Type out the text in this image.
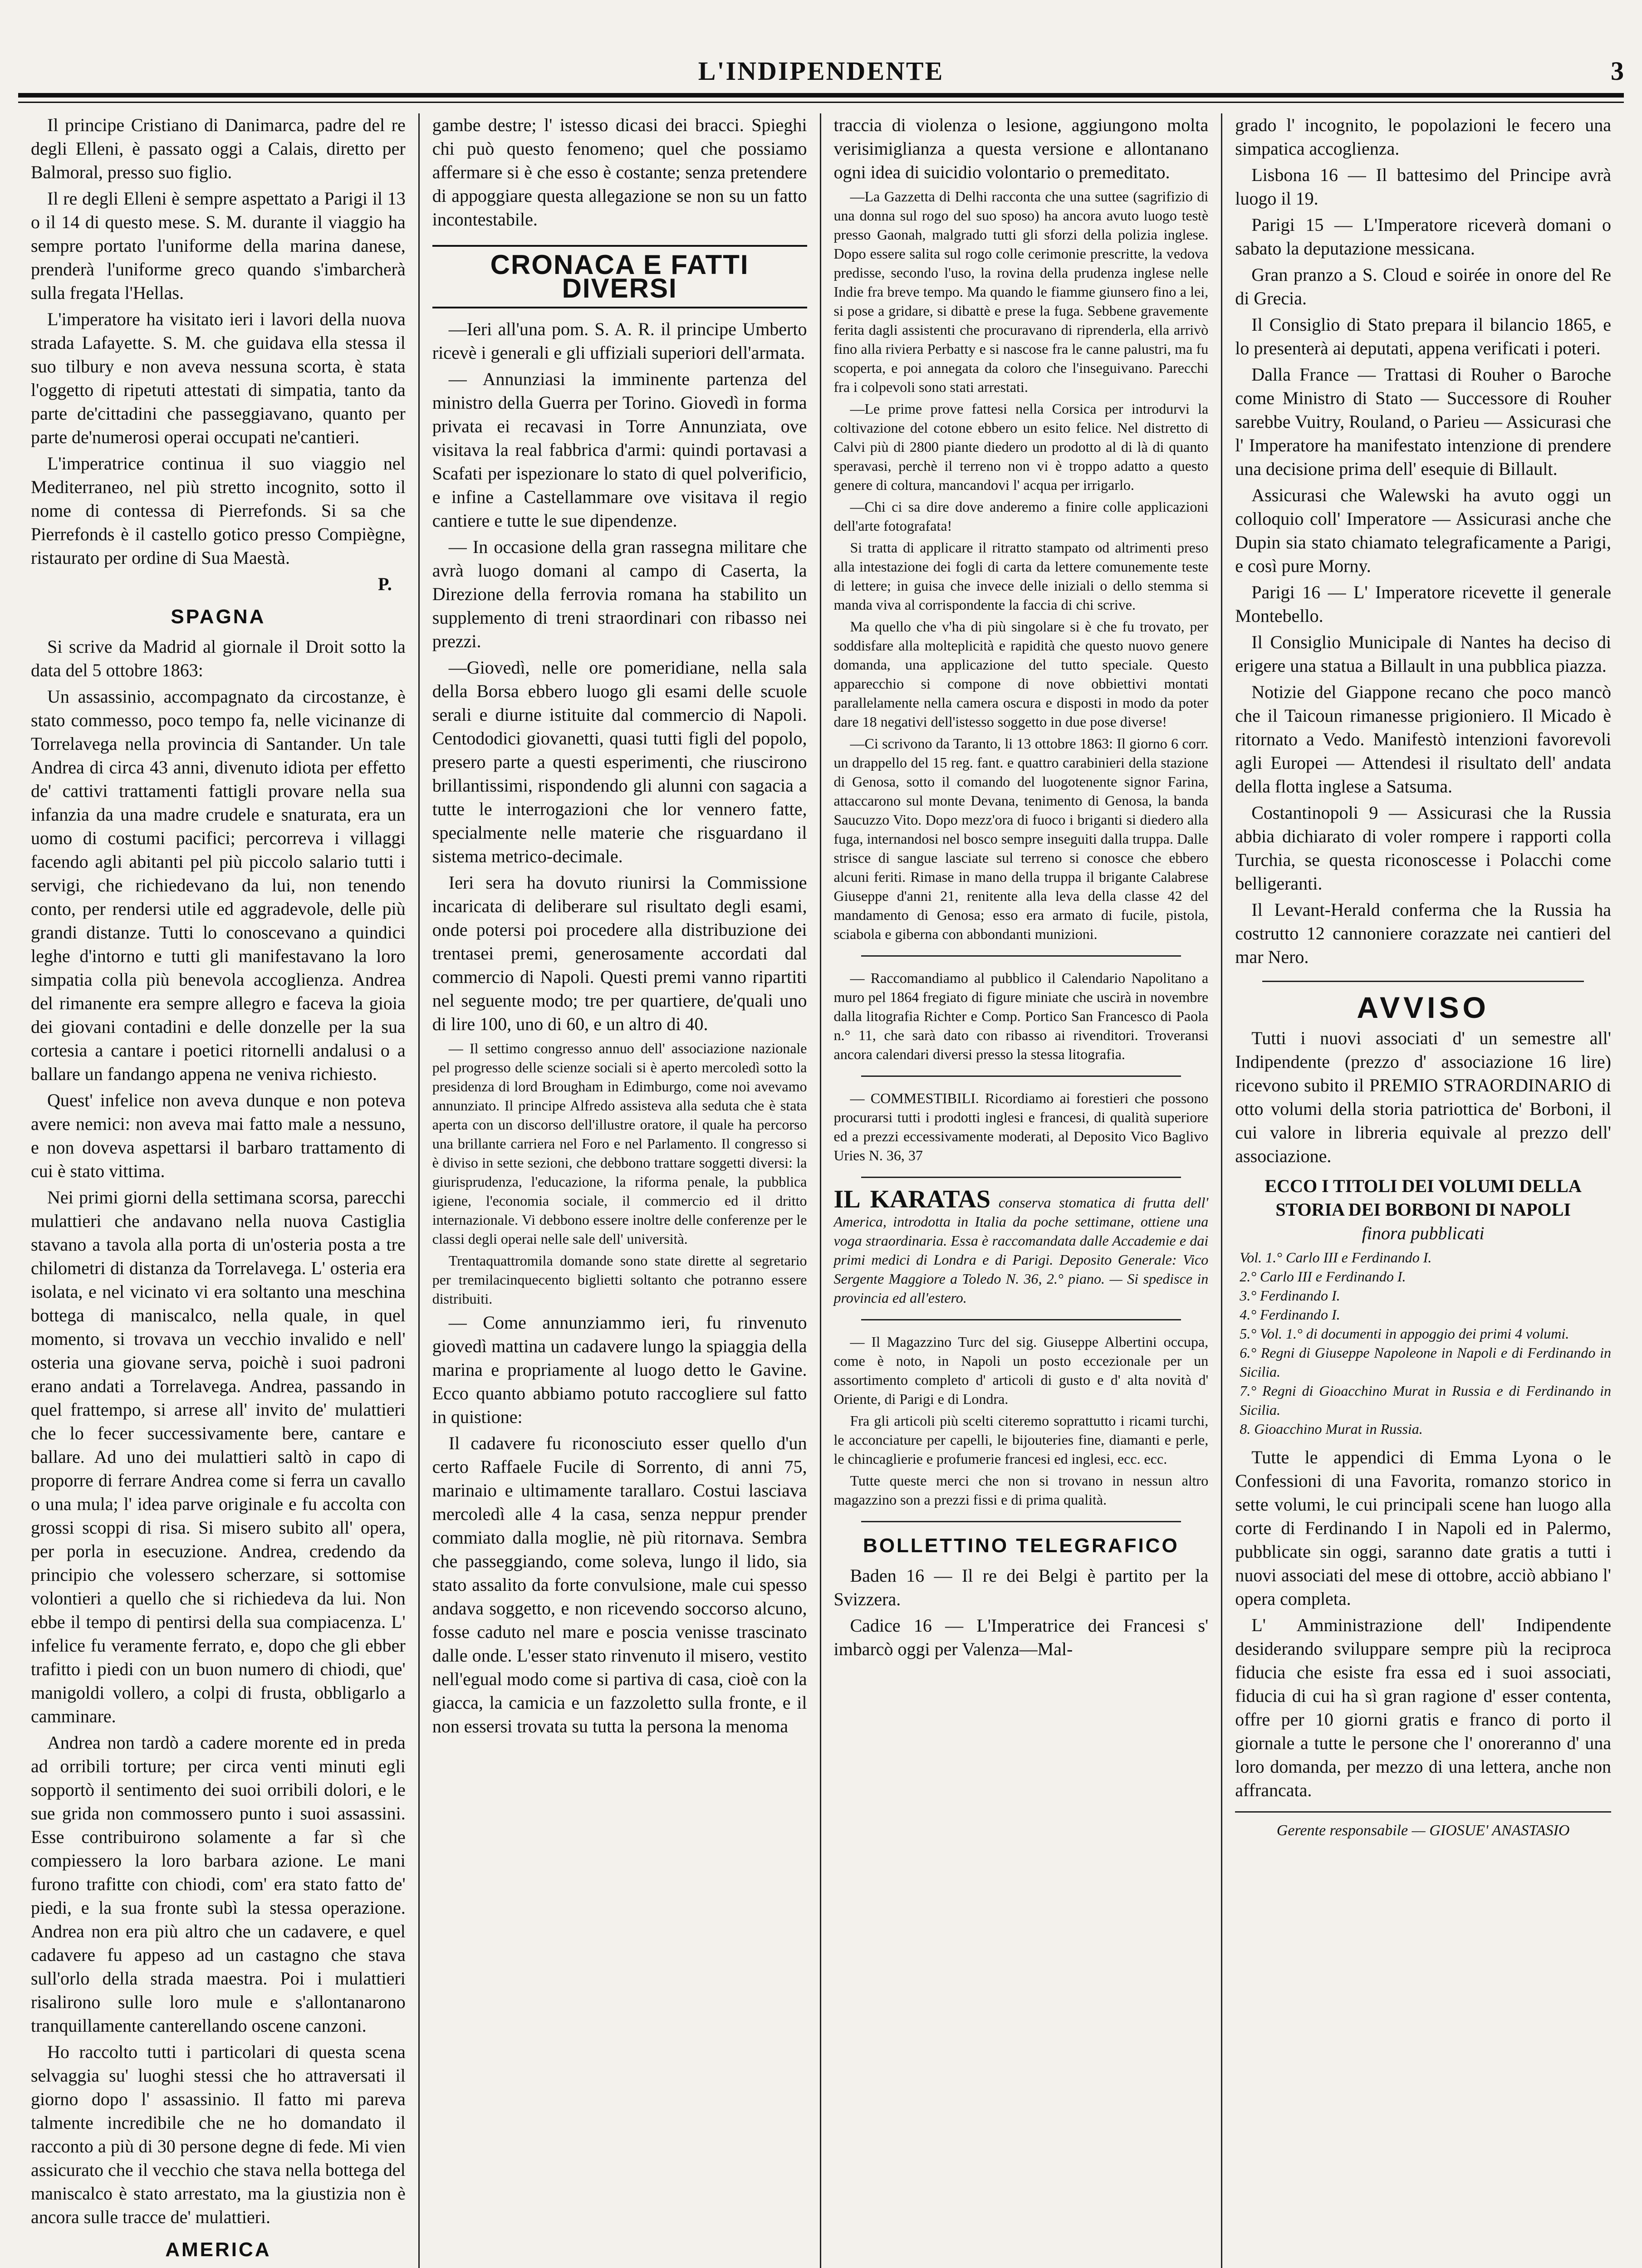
L'INDIPENDENTE	3

Il principe Cristiano di Danimarca, padre del re degli Elleni, è passato oggi a Calais, diretto per Balmoral, presso suo figlio.

Il re degli Elleni è sempre aspettato a Parigi il 13 o il 14 di questo mese. S. M. durante il viaggio ha sempre portato l'uniforme della marina danese, prenderà l'uniforme greco quando s'imbarcherà sulla fregata l'Hellas.

L'imperatore ha visitato ieri i lavori della nuova strada Lafayette. S. M. che guidava ella stessa il suo tilbury e non aveva nessuna scorta, è stata l'oggetto di ripetuti attestati di simpatia, tanto da parte de'cittadini che passeggiavano, quanto per parte de'numerosi operai occupati ne'cantieri.

L'imperatrice continua il suo viaggio nel Mediterraneo, nel più stretto incognito, sotto il nome di contessa di Pierrefonds. Si sa che Pierrefonds è il castello gotico presso Compiègne, ristaurato per ordine di Sua Maestà.

P.
SPAGNA

Si scrive da Madrid al giornale il Droit sotto la data del 5 ottobre 1863:

Un assassinio, accompagnato da circostanze, è stato commesso, poco tempo fa, nelle vicinanze di Torrelavega nella provincia di Santander. Un tale Andrea di circa 43 anni, divenuto idiota per effetto de' cattivi trattamenti fattigli provare nella sua infanzia da una madre crudele e snaturata, era un uomo di costumi pacifici; percorreva i villaggi facendo agli abitanti pel più piccolo salario tutti i servigi, che richiedevano da lui, non tenendo conto, per rendersi utile ed aggradevole, delle più grandi distanze. Tutti lo conoscevano a quindici leghe d'intorno e tutti gli manifestavano la loro simpatia colla più benevola accoglienza. Andrea del rimanente era sempre allegro e faceva la gioia dei giovani contadini e delle donzelle per la sua cortesia a cantare i poetici ritornelli andalusi o a ballare un fandango appena ne veniva richiesto.

Quest' infelice non aveva dunque e non poteva avere nemici: non aveva mai fatto male a nessuno, e non doveva aspettarsi il barbaro trattamento di cui è stato vittima.

Nei primi giorni della settimana scorsa, parecchi mulattieri che andavano nella nuova Castiglia stavano a tavola alla porta di un'osteria posta a tre chilometri di distanza da Torrelavega. L' osteria era isolata, e nel vicinato vi era soltanto una meschina bottega di maniscalco, nella quale, in quel momento, si trovava un vecchio invalido e nell' osteria una giovane serva, poichè i suoi padroni erano andati a Torrelavega. Andrea, passando in quel frattempo, si arrese all' invito de' mulattieri che lo fecer successivamente bere, cantare e ballare. Ad uno dei mulattieri saltò in capo di proporre di ferrare Andrea come si ferra un cavallo o una mula; l' idea parve originale e fu accolta con grossi scoppi di risa. Si misero subito all' opera, per porla in esecuzione. Andrea, credendo da principio che volessero scherzare, si sottomise volontieri a quello che si richiedeva da lui. Non ebbe il tempo di pentirsi della sua compiacenza. L' infelice fu veramente ferrato, e, dopo che gli ebber trafitto i piedi con un buon numero di chiodi, que' manigoldi vollero, a colpi di frusta, obbligarlo a camminare.

Andrea non tardò a cadere morente ed in preda ad orribili torture; per circa venti minuti egli sopportò il sentimento dei suoi orribili dolori, e le sue grida non commossero punto i suoi assassini. Esse contribuirono solamente a far sì che compiessero la loro barbara azione. Le mani furono trafitte con chiodi, com' era stato fatto de' piedi, e la sua fronte subì la stessa operazione. Andrea non era più altro che un cadavere, e quel cadavere fu appeso ad un castagno che stava sull'orlo della strada maestra. Poi i mulattieri risalirono sulle loro mule e s'allontanarono tranquillamente canterellando oscene canzoni.

Ho raccolto tutti i particolari di questa scena selvaggia su' luoghi stessi che ho attraversati il giorno dopo l' assassinio. Il fatto mi pareva talmente incredibile che ne ho domandato il racconto a più di 30 persone degne di fede. Mi vien assicurato che il vecchio che stava nella bottega del maniscalco è stato arrestato, ma la giustizia non è ancora sulle tracce de' mulattieri.

AMERICA

gambe destre; l' istesso dicasi dei bracci. Spieghi chi può questo fenomeno; quel che possiamo affermare si è che esso è costante; senza pretendere di appoggiare questa allegazione se non su un fatto incontestabile.

CRONACA E FATTI DIVERSI

—Ieri all'una pom. S. A. R. il principe Umberto ricevè i generali e gli uffiziali superiori dell'armata.

— Annunziasi la imminente partenza del ministro della Guerra per Torino. Giovedì in forma privata ei recavasi in Torre Annunziata, ove visitava la real fabbrica d'armi: quindi portavasi a Scafati per ispezionare lo stato di quel polverificio, e infine a Castellammare ove visitava il regio cantiere e tutte le sue dipendenze.

— In occasione della gran rassegna militare che avrà luogo domani al campo di Caserta, la Direzione della ferrovia romana ha stabilito un supplemento di treni straordinari con ribasso nei prezzi.

—Giovedì, nelle ore pomeridiane, nella sala della Borsa ebbero luogo gli esami delle scuole serali e diurne istituite dal commercio di Napoli. Centododici giovanetti, quasi tutti figli del popolo, presero parte a questi esperimenti, che riuscirono brillantissimi, rispondendo gli alunni con sagacia a tutte le interrogazioni che lor vennero fatte, specialmente nelle materie che risguardano il sistema metrico-decimale.

Ieri sera ha dovuto riunirsi la Commissione incaricata di deliberare sul risultato degli esami, onde potersi poi procedere alla distribuzione dei trentasei premi, generosamente accordati dal commercio di Napoli. Questi premi vanno ripartiti nel seguente modo; tre per quartiere, de'quali uno di lire 100, uno di 60, e un altro di 40.

— Il settimo congresso annuo dell' associazione nazionale pel progresso delle scienze sociali si è aperto mercoledì sotto la presidenza di lord Brougham in Edimburgo, come noi avevamo annunziato. Il principe Alfredo assisteva alla seduta che è stata aperta con un discorso dell'illustre oratore, il quale ha percorso una brillante carriera nel Foro e nel Parlamento. Il congresso si è diviso in sette sezioni, che debbono trattare soggetti diversi: la giurisprudenza, l'educazione, la riforma penale, la pubblica igiene, l'economia sociale, il commercio ed il dritto internazionale. Vi debbono essere inoltre delle conferenze per le classi degli operai nelle sale dell' università.

Trentaquattromila domande sono state dirette al segretario per tremilacinquecento biglietti soltanto che potranno essere distribuiti.

— Come annunziammo ieri, fu rinvenuto giovedì mattina un cadavere lungo la spiaggia della marina e propriamente al luogo detto le Gavine. Ecco quanto abbiamo potuto raccogliere sul fatto in quistione:

Il cadavere fu riconosciuto esser quello d'un certo Raffaele Fucile di Sorrento, di anni 75, marinaio e ultimamente tarallaro. Costui lasciava mercoledì alle 4 la casa, senza neppur prender commiato dalla moglie, nè più ritornava. Sembra che passeggiando, come soleva, lungo il lido, sia stato assalito da forte convulsione, male cui spesso andava soggetto, e non ricevendo soccorso alcuno, fosse caduto nel mare e poscia venisse trascinato dalle onde. L'esser stato rinvenuto il misero, vestito nell'egual modo come si partiva di casa, cioè con la giacca, la camicia e un fazzoletto sulla fronte, e il non essersi trovata su tutta la persona la menoma

traccia di violenza o lesione, aggiungono molta verisimiglianza a questa versione e allontanano ogni idea di suicidio volontario o premeditato.

—La Gazzetta di Delhi racconta che una suttee (sagrifizio di una donna sul rogo del suo sposo) ha ancora avuto luogo testè presso Gaonah, malgrado tutti gli sforzi della polizia inglese. Dopo essere salita sul rogo colle cerimonie prescritte, la vedova predisse, secondo l'uso, la rovina della prudenza inglese nelle Indie fra breve tempo. Ma quando le fiamme giunsero fino a lei, si pose a gridare, si dibattè e prese la fuga. Sebbene gravemente ferita dagli assistenti che procuravano di riprenderla, ella arrivò fino alla riviera Perbatty e si nascose fra le canne palustri, ma fu scoperta, e poi annegata da coloro che l'inseguivano. Parecchi fra i colpevoli sono stati arrestati.

—Le prime prove fattesi nella Corsica per introdurvi la coltivazione del cotone ebbero un esito felice. Nel distretto di Calvi più di 2800 piante diedero un prodotto al di là di quanto speravasi, perchè il terreno non vi è troppo adatto a questo genere di coltura, mancandovi l' acqua per irrigarlo.

—Chi ci sa dire dove anderemo a finire colle applicazioni dell'arte fotografata!

Si tratta di applicare il ritratto stampato od altrimenti preso alla intestazione dei fogli di carta da lettere comunemente teste di lettere; in guisa che invece delle iniziali o dello stemma si manda viva al corrispondente la faccia di chi scrive.

Ma quello che v'ha di più singolare si è che fu trovato, per soddisfare alla molteplicità e rapidità che questo nuovo genere domanda, una applicazione del tutto speciale. Questo apparecchio si compone di nove obbiettivi montati parallelamente nella camera oscura e disposti in modo da poter dare 18 negativi dell'istesso soggetto in due pose diverse!

—Ci scrivono da Taranto, li 13 ottobre 1863: Il giorno 6 corr. un drappello del 15 reg. fant. e quattro carabinieri della stazione di Genosa, sotto il comando del luogotenente signor Farina, attaccarono sul monte Devana, tenimento di Genosa, la banda Saucuzzo Vito. Dopo mezz'ora di fuoco i briganti si diedero alla fuga, internandosi nel bosco sempre inseguiti dalla truppa. Dalle strisce di sangue lasciate sul terreno si conosce che ebbero alcuni feriti. Rimase in mano della truppa il brigante Calabrese Giuseppe d'anni 21, renitente alla leva della classe 42 del mandamento di Genosa; esso era armato di fucile, pistola, sciabola e giberna con abbondanti munizioni.

— Raccomandiamo al pubblico il Calendario Napolitano a muro pel 1864 fregiato di figure miniate che uscirà in novembre dalla litografia Richter e Comp. Portico San Francesco di Paola n.° 11, che sarà dato con ribasso ai rivenditori. Troveransi ancora calendari diversi presso la stessa litografia.

— COMMESTIBILI. Ricordiamo ai forestieri che possono procurarsi tutti i prodotti inglesi e francesi, di qualità superiore ed a prezzi eccessivamente moderati, al Deposito Vico Baglivo Uries N. 36, 37

IL KARATAS conserva stomatica di frutta dell' America, introdotta in Italia da poche settimane, ottiene una voga straordinaria. Essa è raccomandata dalle Accademie e dai primi medici di Londra e di Parigi. Deposito Generale: Vico Sergente Maggiore a Toledo N. 36, 2.° piano. — Si spedisce in provincia ed all'estero.

— Il Magazzino Turc del sig. Giuseppe Albertini occupa, come è noto, in Napoli un posto eccezionale per un assortimento completo d' articoli di gusto e d' alta novità d' Oriente, di Parigi e di Londra.

Fra gli articoli più scelti citeremo soprattutto i ricami turchi, le acconciature per capelli, le bijouteries fine, diamanti e perle, le chincaglierie e profumerie francesi ed inglesi, ecc. ecc.

Tutte queste merci che non si trovano in nessun altro magazzino son a prezzi fissi e di prima qualità.

BOLLETTINO TELEGRAFICO

Baden 16 — Il re dei Belgi è partito per la Svizzera.

Cadice 16 — L'Imperatrice dei Francesi s' imbarcò oggi per Valenza—Mal-

grado l' incognito, le popolazioni le fecero una simpatica accoglienza.

Lisbona 16 — Il battesimo del Principe avrà luogo il 19.

Parigi 15 — L'Imperatore riceverà domani o sabato la deputazione messicana.

Gran pranzo a S. Cloud e soirée in onore del Re di Grecia.

Il Consiglio di Stato prepara il bilancio 1865, e lo presenterà ai deputati, appena verificati i poteri.

Dalla France — Trattasi di Rouher o Baroche come Ministro di Stato — Successore di Rouher sarebbe Vuitry, Rouland, o Parieu — Assicurasi che l' Imperatore ha manifestato intenzione di prendere una decisione prima dell' esequie di Billault.

Assicurasi che Walewski ha avuto oggi un colloquio coll' Imperatore — Assicurasi anche che Dupin sia stato chiamato telegraficamente a Parigi, e così pure Morny.

Parigi 16 — L' Imperatore ricevette il generale Montebello.

Il Consiglio Municipale di Nantes ha deciso di erigere una statua a Billault in una pubblica piazza.

Notizie del Giappone recano che poco mancò che il Taicoun rimanesse prigioniero. Il Micado è ritornato a Vedo. Manifestò intenzioni favorevoli agli Europei — Attendesi il risultato dell' andata della flotta inglese a Satsuma.

Costantinopoli 9 — Assicurasi che la Russia abbia dichiarato di voler rompere i rapporti colla Turchia, se questa riconoscesse i Polacchi come belligeranti.

Il Levant-Herald conferma che la Russia ha costrutto 12 cannoniere corazzate nei cantieri del mar Nero.

AVVISO

Tutti i nuovi associati d' un semestre all' Indipendente (prezzo d' associazione 16 lire) ricevono subito il PREMIO STRAORDINARIO di otto volumi della storia patriottica de' Borboni, il cui valore in libreria equivale al prezzo dell' associazione.

ECCO I TITOLI DEI VOLUMI DELLA STORIA DEI BORBONI DI NAPOLI
finora pubblicati
Vol. 1.° Carlo III e Ferdinando I.
2.° Carlo III e Ferdinando I.
3.° Ferdinando I.
4.° Ferdinando I.
5.° Vol. 1.° di documenti in appoggio dei primi 4 volumi.
6.° Regni di Giuseppe Napoleone in Napoli e di Ferdinando in Sicilia.
7.° Regni di Gioacchino Murat in Russia e di Ferdinando in Sicilia.
8. Gioacchino Murat in Russia.

Tutte le appendici di Emma Lyona o le Confessioni di una Favorita, romanzo storico in sette volumi, le cui principali scene han luogo alla corte di Ferdinando I in Napoli ed in Palermo, pubblicate sin oggi, saranno date gratis a tutti i nuovi associati del mese di ottobre, acciò abbiano l' opera completa.

L' Amministrazione dell' Indipendente desiderando sviluppare sempre più la reciproca fiducia che esiste fra essa ed i suoi associati, fiducia di cui ha sì gran ragione d' esser contenta, offre per 10 giorni gratis e franco di porto il giornale a tutte le persone che l' onoreranno d' una loro domanda, per mezzo di una lettera, anche non affrancata.

Gerente responsabile — GIOSUE' ANASTASIO
